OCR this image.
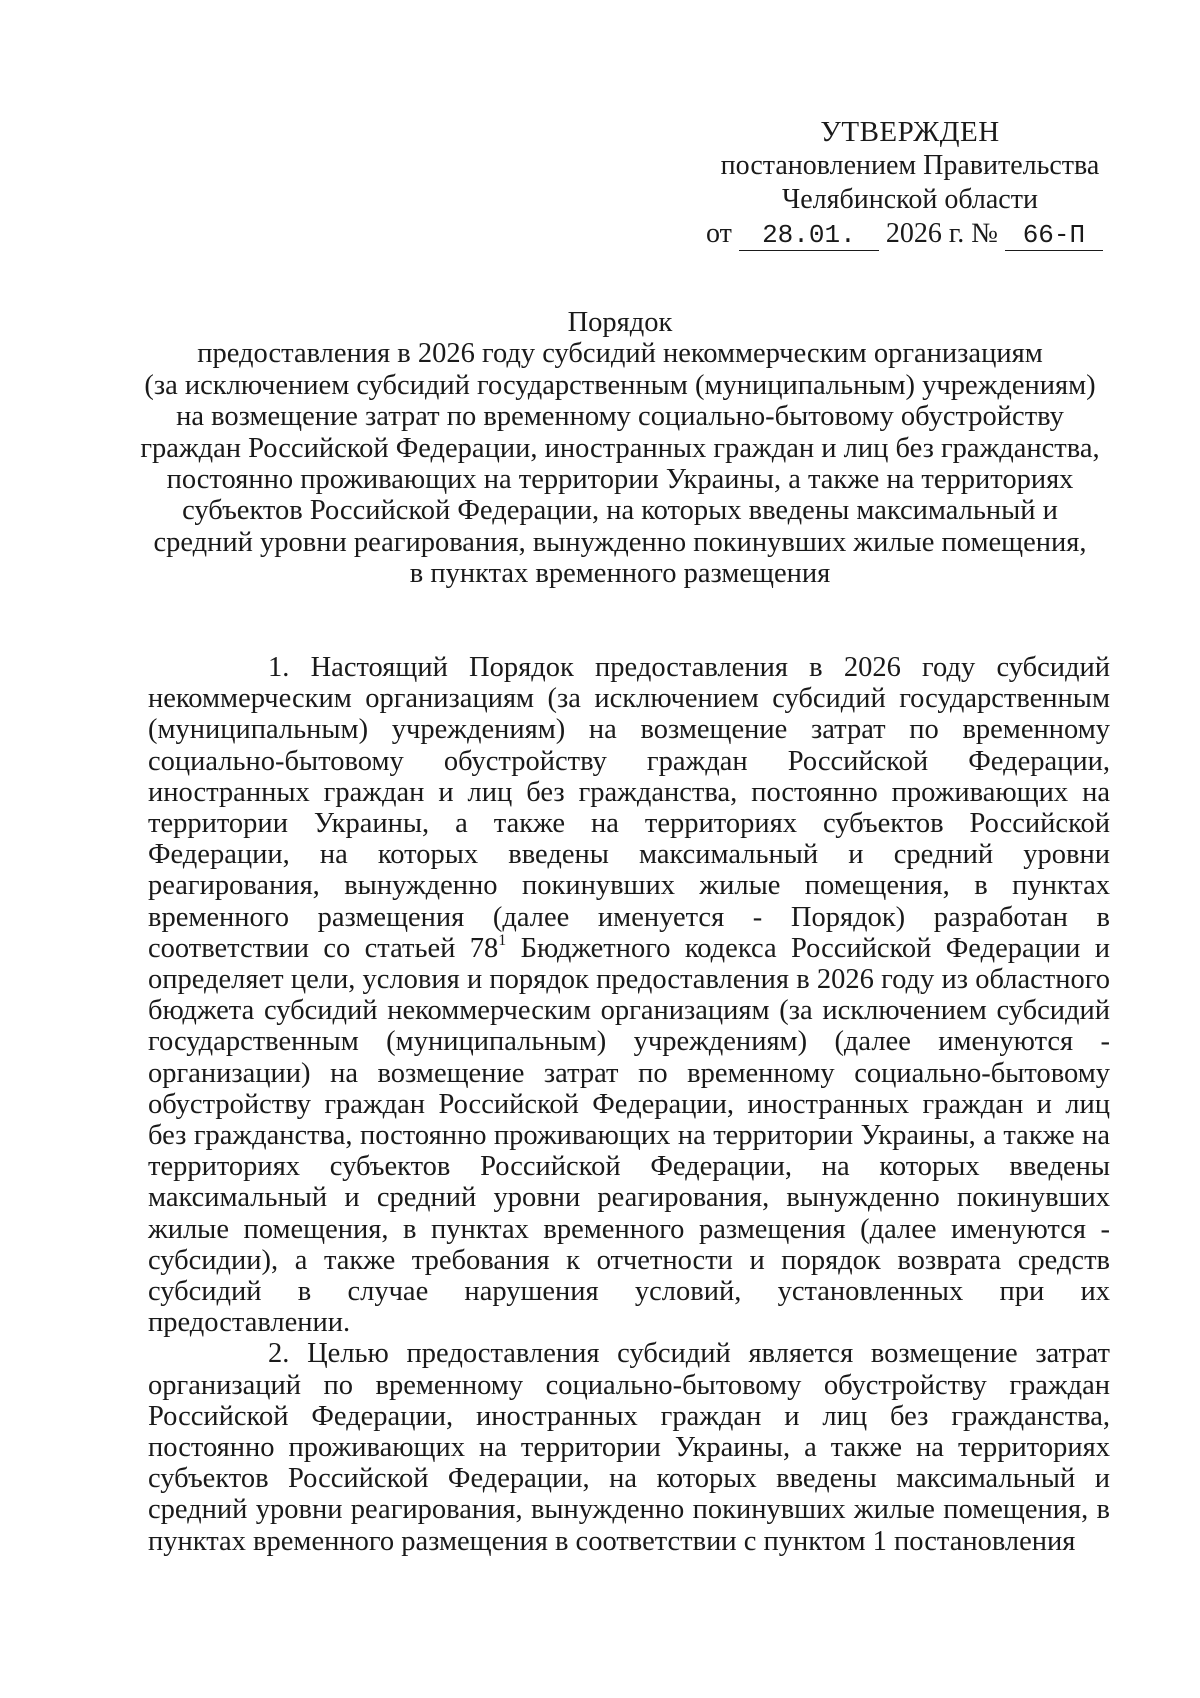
УТВЕРЖДЕН
постановлением Правительства
Челябинской области
от 28.01. 2026 г. № 66-П
Порядок
предоставления в 2026 году субсидий некоммерческим организациям
(за исключением субсидий государственным (муниципальным) учреждениям)
на возмещение затрат по временному социально-бытовому обустройству
граждан Российской Федерации, иностранных граждан и лиц без гражданства,
постоянно проживающих на территории Украины, а также на территориях
субъектов Российской Федерации, на которых введены максимальный и
средний уровни реагирования, вынужденно покинувших жилые помещения,
в пунктах временного размещения

1. Настоящий Порядок предоставления в 2026 году субсидий некоммерческим организациям (за исключением субсидий государственным (муниципальным) учреждениям) на возмещение затрат по временному социально-бытовому обустройству граждан Российской Федерации, иностранных граждан и лиц без гражданства, постоянно проживающих на территории Украины, а также на территориях субъектов Российской Федерации, на которых введены максимальный и средний уровни реагирования, вынужденно покинувших жилые помещения, в пунктах временного размещения (далее именуется - Порядок) разработан в соответствии со статьей $78^1$ Бюджетного кодекса Российской Федерации и определяет цели, условия и порядок предоставления в 2026 году из областного бюджета субсидий некоммерческим организациям (за исключением субсидий государственным (муниципальным) учреждениям) (далее именуются - организации) на возмещение затрат по временному социально-бытовому обустройству граждан Российской Федерации, иностранных граждан и лиц без гражданства, постоянно проживающих на территории Украины, а также на территориях субъектов Российской Федерации, на которых введены максимальный и средний уровни реагирования, вынужденно покинувших жилые помещения, в пунктах временного размещения (далее именуются - субсидии), а также требования к отчетности и порядок возврата средств субсидий в случае нарушения условий, установленных при их предоставлении.

2. Целью предоставления субсидий является возмещение затрат организаций по временному социально-бытовому обустройству граждан Российской Федерации, иностранных граждан и лиц без гражданства, постоянно проживающих на территории Украины, а также на территориях субъектов Российской Федерации, на которых введены максимальный и средний уровни реагирования, вынужденно покинувших жилые помещения, в пунктах временного размещения в соответствии с пунктом 1 постановления
